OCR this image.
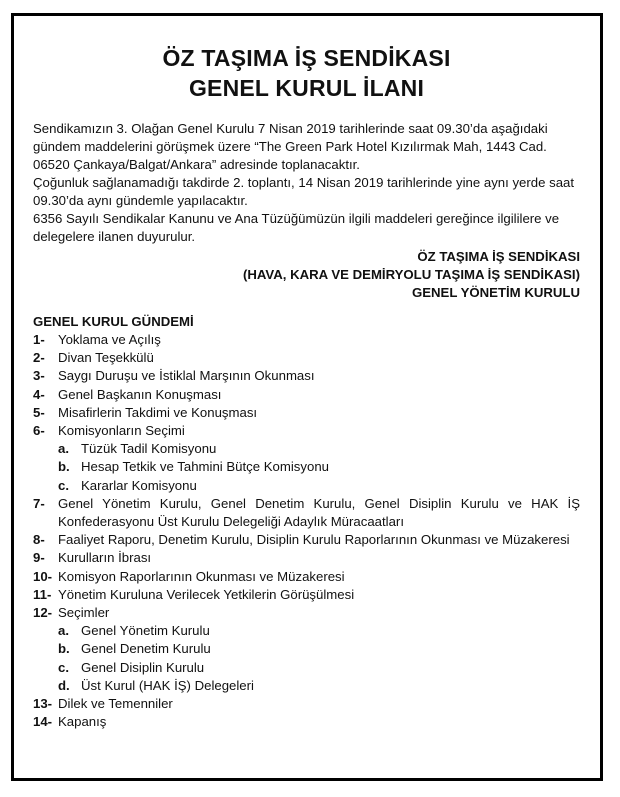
ÖZ TAŞIMA İŞ SENDİKASI
GENEL KURUL İLANI

Sendikamızın 3. Olağan Genel Kurulu 7 Nisan 2019 tarihlerinde saat 09.30’da aşağıdaki gündem maddelerini görüşmek üzere “The Green Park Hotel Kızılırmak Mah, 1443 Cad. 06520 Çankaya/Balgat/Ankara” adresinde toplanacaktır.

Çoğunluk sağlanamadığı takdirde 2. toplantı, 14 Nisan 2019 tarihlerinde yine aynı yerde saat 09.30’da aynı gündemle yapılacaktır.

6356 Sayılı Sendikalar Kanunu ve Ana Tüzüğümüzün ilgili maddeleri gereğince ilgililere ve delegelere ilanen duyurulur.

ÖZ TAŞIMA İŞ SENDİKASI
(HAVA, KARA VE DEMİRYOLU TAŞIMA İŞ SENDİKASI)
GENEL YÖNETİM KURULU
GENEL KURUL GÜNDEMİ
1-	Yoklama ve Açılış
2-	Divan Teşekkülü
3-	Saygı Duruşu ve İstiklal Marşının Okunması
4-	Genel Başkanın Konuşması
5-	Misafirlerin Takdimi ve Konuşması
6-	Komisyonların Seçimi
a. Tüzük Tadil Komisyonu
b. Hesap Tetkik ve Tahmini Bütçe Komisyonu
c. Kararlar Komisyonu
7-	Genel Yönetim Kurulu, Genel Denetim Kurulu, Genel Disiplin Kurulu ve HAK İŞ Konfederasyonu Üst Kurulu Delegeliği Adaylık Müracaatları
8-	Faaliyet Raporu, Denetim Kurulu, Disiplin Kurulu Raporlarının Okunması ve Müzakeresi
9-	Kurulların İbrası
10- Komisyon Raporlarının Okunması ve Müzakeresi
11- Yönetim Kuruluna Verilecek Yetkilerin Görüşülmesi
12- Seçimler
a. Genel Yönetim Kurulu
b. Genel Denetim Kurulu
c. Genel Disiplin Kurulu
d. Üst Kurul (HAK İŞ) Delegeleri
13- Dilek ve Temenniler
14- Kapanış
